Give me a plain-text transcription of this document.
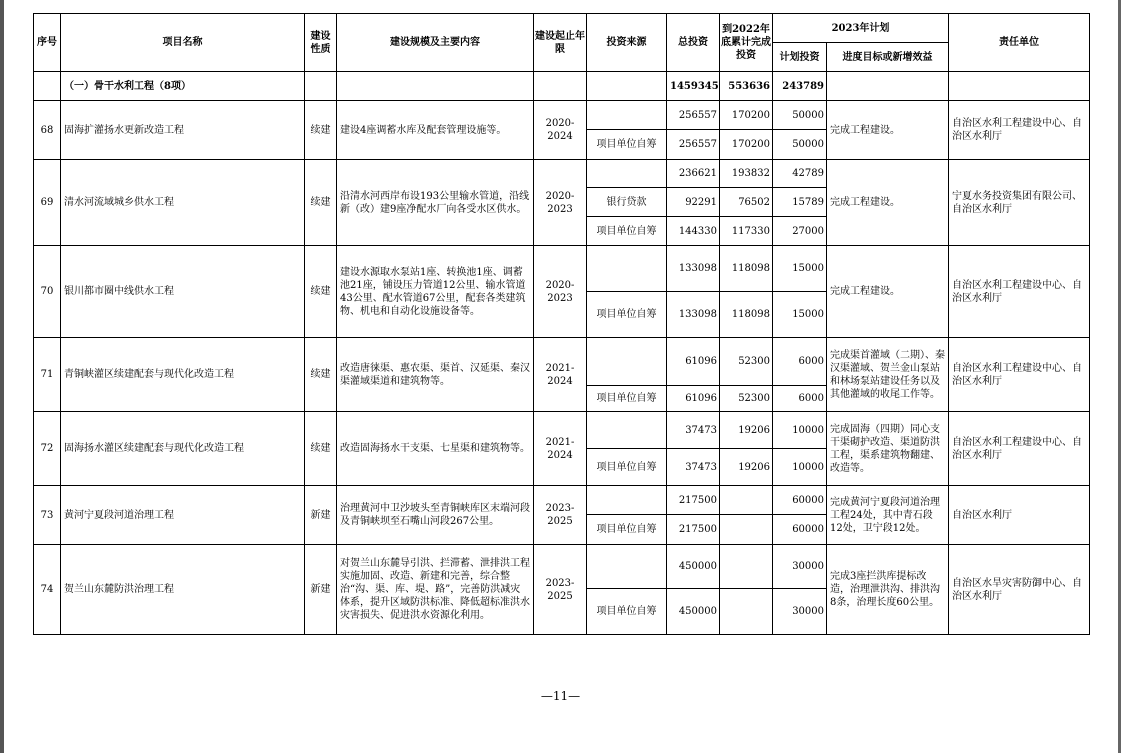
序号	项目名称	建设性质	建设规模及主要内容	建设起止年限	投资来源	总投资	到2022年底累计完成投资	2023年计划		责任单位
								计划投资	进度目标或新增效益	
	（一）骨干水利工程（8项）					1459345	553636	243789		
68	固海扩灌扬水更新改造工程	续建	建设4座调蓄水库及配套管理设施等。	2020-2024		256557	170200	50000	完成工程建设。	自治区水利工程建设中心、自治区水利厅
					项目单位自筹	256557	170200	50000		
69	清水河流域城乡供水工程	续建	沿清水河西岸布设193公里输水管道，沿线新（改）建9座净配水厂向各受水区供水。	2020-2023		236621	193832	42789	完成工程建设。	宁夏水务投资集团有限公司、自治区水利厅
					银行贷款	92291	76502	15789		
					项目单位自筹	144330	117330	27000		
70	银川都市圈中线供水工程	续建	建设水源取水泵站1座、转换池1座、调蓄池21座，铺设压力管道12公里、输水管道43公里、配水管道67公里，配套各类建筑物、机电和自动化设施设备等。	2020-2023		133098	118098	15000	完成工程建设。	自治区水利工程建设中心、自治区水利厅
					项目单位自筹	133098	118098	15000		
71	青铜峡灌区续建配套与现代化改造工程	续建	改造唐徕渠、惠农渠、渠首、汉延渠、秦汉渠灌域渠道和建筑物等。	2021-2024		61096	52300	6000	完成渠首灌域（二期）、秦汉渠灌域、贺兰金山泵站和林场泵站建设任务以及其他灌域的收尾工作等。	自治区水利工程建设中心、自治区水利厅
					项目单位自筹	61096	52300	6000		
72	固海扬水灌区续建配套与现代化改造工程	续建	改造固海扬水干支渠、七星渠和建筑物等。	2021-2024		37473	19206	10000	完成固海（四期）同心支干渠砌护改造、渠道防洪工程，渠系建筑物翻建、改造等。	自治区水利工程建设中心、自治区水利厅
					项目单位自筹	37473	19206	10000		
73	黄河宁夏段河道治理工程	新建	治理黄河中卫沙坡头至青铜峡库区末端河段及青铜峡坝至石嘴山河段267公里。	2023-2025		217500		60000	完成黄河宁夏段河道治理工程24处，其中青石段12处，卫宁段12处。	自治区水利厅
					项目单位自筹	217500		60000		
74	贺兰山东麓防洪治理工程	新建	对贺兰山东麓导引洪、拦滞蓄、泄排洪工程实施加固、改造、新建和完善，综合整治“沟、渠、库、堤、路”，完善防洪减灾体系，提升区域防洪标准、降低超标准洪水灾害损失、促进洪水资源化利用。	2023-2025		450000		30000	完成3座拦洪库提标改造，治理泄洪沟、排洪沟8条，治理长度60公里。	自治区水旱灾害防御中心、自治区水利厅
					项目单位自筹	450000		30000		
—11—
